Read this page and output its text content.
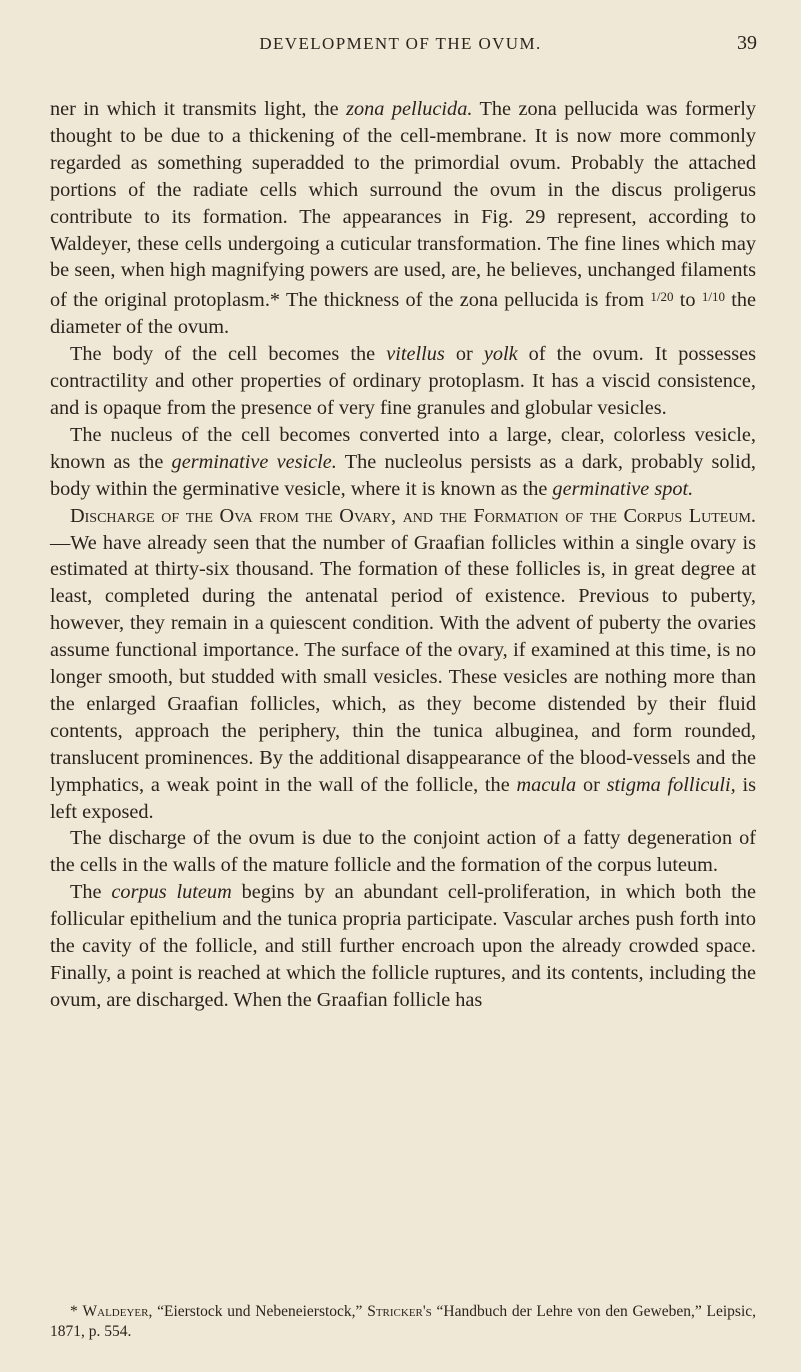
DEVELOPMENT OF THE OVUM.	39

ner in which it transmits light, the zona pellucida. The zona pellucida was formerly thought to be due to a thickening of the cell-membrane. It is now more commonly regarded as something superadded to the primordial ovum. Probably the attached portions of the radiate cells which surround the ovum in the discus proligerus contribute to its formation. The appearances in Fig. 29 represent, according to Waldeyer, these cells undergoing a cuticular transformation. The fine lines which may be seen, when high magnifying powers are used, are, he believes, unchanged filaments of the original protoplasm.* The thickness of the zona pellucida is from $^{1/20}$ to $^{1/10}$ the diameter of the ovum.

The body of the cell becomes the vitellus or yolk of the ovum. It possesses contractility and other properties of ordinary protoplasm. It has a viscid consistence, and is opaque from the presence of very fine granules and globular vesicles.

The nucleus of the cell becomes converted into a large, clear, colorless vesicle, known as the germinative vesicle. The nucleolus persists as a dark, probably solid, body within the germinative vesicle, where it is known as the germinative spot.

Discharge of the Ova from the Ovary, and the Formation of the Corpus Luteum.—We have already seen that the number of Graafian follicles within a single ovary is estimated at thirty-six thousand. The formation of these follicles is, in great degree at least, completed during the antenatal period of existence. Previous to puberty, however, they remain in a quiescent condition. With the advent of puberty the ovaries assume functional importance. The surface of the ovary, if examined at this time, is no longer smooth, but studded with small vesicles. These vesicles are nothing more than the enlarged Graafian follicles, which, as they become distended by their fluid contents, approach the periphery, thin the tunica albuginea, and form rounded, translucent prominences. By the additional disappearance of the blood-vessels and the lymphatics, a weak point in the wall of the follicle, the macula or stigma folliculi, is left exposed.

The discharge of the ovum is due to the conjoint action of a fatty degeneration of the cells in the walls of the mature follicle and the formation of the corpus luteum.

The corpus luteum begins by an abundant cell-proliferation, in which both the follicular epithelium and the tunica propria participate. Vascular arches push forth into the cavity of the follicle, and still further encroach upon the already crowded space. Finally, a point is reached at which the follicle ruptures, and its contents, including the ovum, are discharged. When the Graafian follicle has

* Waldeyer, “Eierstock und Nebeneierstock,” Stricker's “Handbuch der Lehre von den Geweben,” Leipsic, 1871, p. 554.
